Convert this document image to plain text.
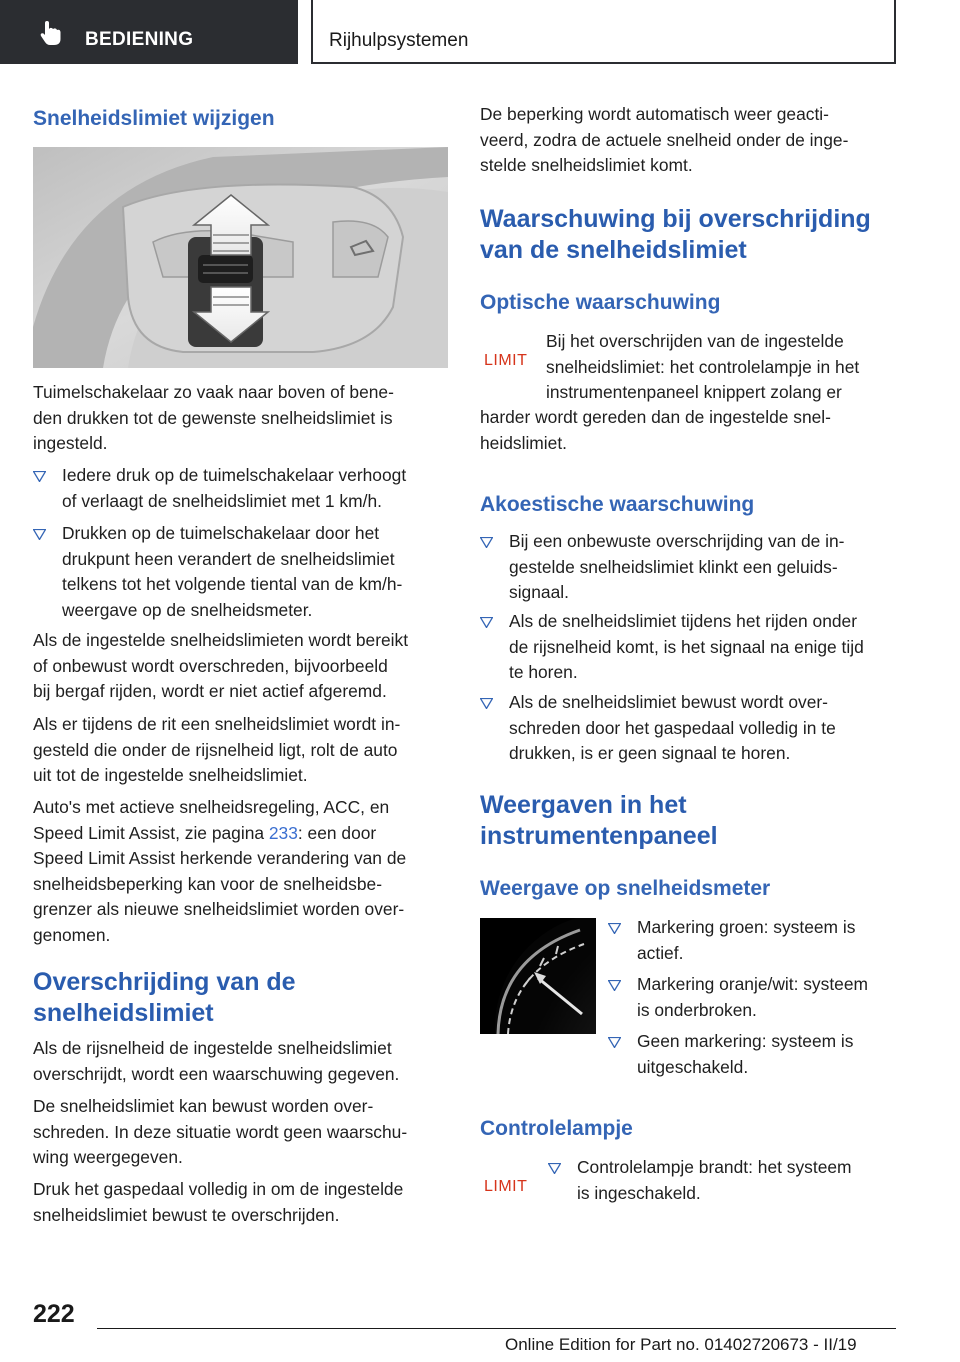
BEDIENING	Rijhulpsystemen
Snelheidslimiet wijzigen
Tuimelschakelaar zo vaak naar boven of bene-
den drukken tot de gewenste snelheidslimiet is
ingesteld.
Iedere druk op de tuimelschakelaar verhoogt
of verlaagt de snelheidslimiet met 1 km/h.
Drukken op de tuimelschakelaar door het
drukpunt heen verandert de snelheidslimiet
telkens tot het volgende tiental van de km/h-
weergave op de snelheidsmeter.
Als de ingestelde snelheidslimieten wordt bereikt
of onbewust wordt overschreden, bijvoorbeeld
bij bergaf rijden, wordt er niet actief afgeremd.
Als er tijdens de rit een snelheidslimiet wordt in-
gesteld die onder de rijsnelheid ligt, rolt de auto
uit tot de ingestelde snelheidslimiet.
Auto's met actieve snelheidsregeling, ACC, en
Speed Limit Assist, zie pagina 233: een door
Speed Limit Assist herkende verandering van de
snelheidsbeperking kan voor de snelheidsbe-
grenzer als nieuwe snelheidslimiet worden over-
genomen.
Overschrijding van de
snelheidslimiet
Als de rijsnelheid de ingestelde snelheidslimiet
overschrijdt, wordt een waarschuwing gegeven.
De snelheidslimiet kan bewust worden over-
schreden. In deze situatie wordt geen waarschu-
wing weergegeven.
Druk het gaspedaal volledig in om de ingestelde
snelheidslimiet bewust te overschrijden.
De beperking wordt automatisch weer geacti-
veerd, zodra de actuele snelheid onder de inge-
stelde snelheidslimiet komt.
Waarschuwing bij overschrijding
van de snelheidslimiet
Optische waarschuwing
LIMIT
Bij het overschrijden van de ingestelde
snelheidslimiet: het controlelampje in het
instrumentenpaneel knippert zolang er
harder wordt gereden dan de ingestelde snel-
heidslimiet.
Akoestische waarschuwing
Bij een onbewuste overschrijding van de in-
gestelde snelheidslimiet klinkt een geluids-
signaal.
Als de snelheidslimiet tijdens het rijden onder
de rijsnelheid komt, is het signaal na enige tijd
te horen.
Als de snelheidslimiet bewust wordt over-
schreden door het gaspedaal volledig in te
drukken, is er geen signaal te horen.
Weergaven in het
instrumentenpaneel
Weergave op snelheidsmeter
Markering groen: systeem is
actief.
Markering oranje/wit: systeem
is onderbroken.
Geen markering: systeem is
uitgeschakeld.
Controlelampje
LIMIT
Controlelampje brandt: het systeem
is ingeschakeld.
222
Online Edition for Part no. 01402720673 - II/19
